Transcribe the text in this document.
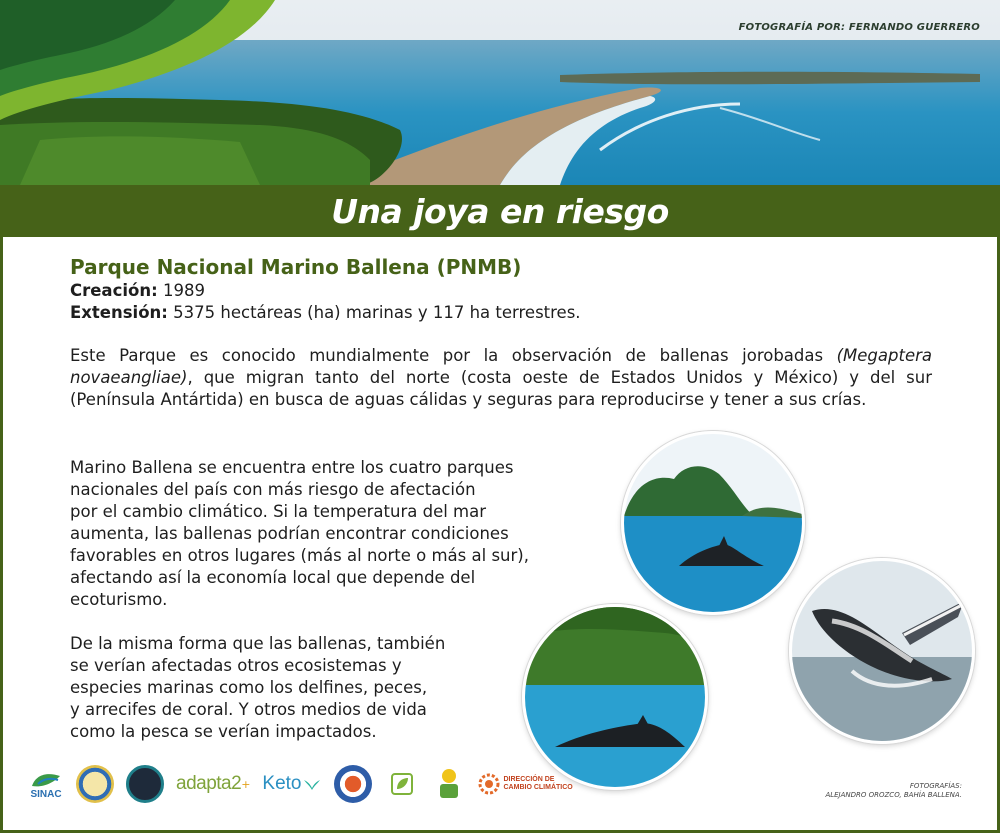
FOTOGRAFÍA POR: FERNANDO GUERRERO
Una joya en riesgo
Parque Nacional Marino Ballena (PNMB)
Creación: 1989
Extensión: 5375 hectáreas (ha) marinas y 117 ha terrestres.
Este Parque es conocido mundialmente por la observación de ballenas jorobadas (Megaptera novaeangliae), que migran tanto del norte (costa oeste de Estados Unidos y México) y del sur (Península Antártida) en busca de aguas cálidas y seguras para reproducirse y tener a sus crías.
Marino Ballena se encuentra entre los cuatro parques
nacionales del país con más riesgo de afectación
por el cambio climático. Si la temperatura del mar
aumenta, las ballenas podrían encontrar condiciones
favorables en otros lugares (más al norte o más al sur),
afectando así la economía local que depende del
ecoturismo.
De la misma forma que las ballenas, también
se verían afectadas otros ecosistemas y
especies marinas como los delfines, peces,
y arrecifes de coral. Y otros medios de vida
como la pesca se verían impactados.
SINAC	adapta2 + Keto	DIRECCIÓN DE
CAMBIO CLIMÁTICO	FOTOGRAFÍAS:
ALEJANDRO OROZCO, BAHÍA BALLENA.
